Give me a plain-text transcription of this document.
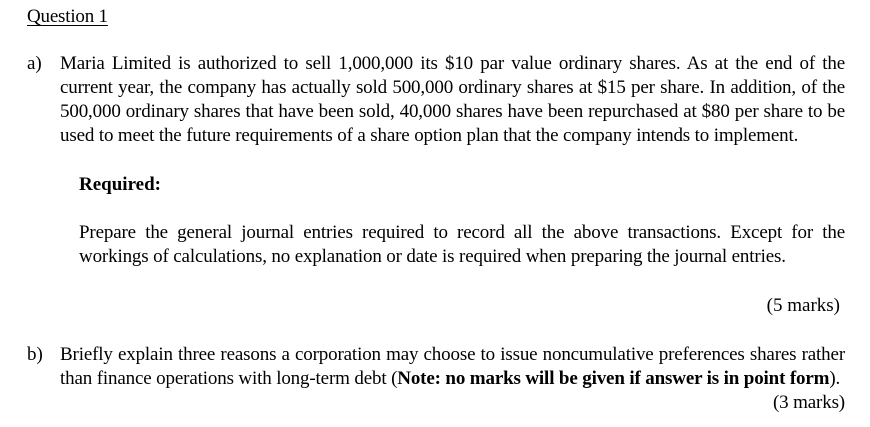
Question 1
a) Maria Limited is authorized to sell 1,000,000 its $10 par value ordinary shares. As at the end of the current year, the company has actually sold 500,000 ordinary shares at $15 per share. In addition, of the 500,000 ordinary shares that have been sold, 40,000 shares have been repurchased at $80 per share to be used to meet the future requirements of a share option plan that the company intends to implement.
Required:
Prepare the general journal entries required to record all the above transactions. Except for the workings of calculations, no explanation or date is required when preparing the journal entries.
(5 marks)
b) Briefly explain three reasons a corporation may choose to issue noncumulative preferences shares rather than finance operations with long-term debt (Note: no marks will be given if answer is in point form).
(3 marks)
